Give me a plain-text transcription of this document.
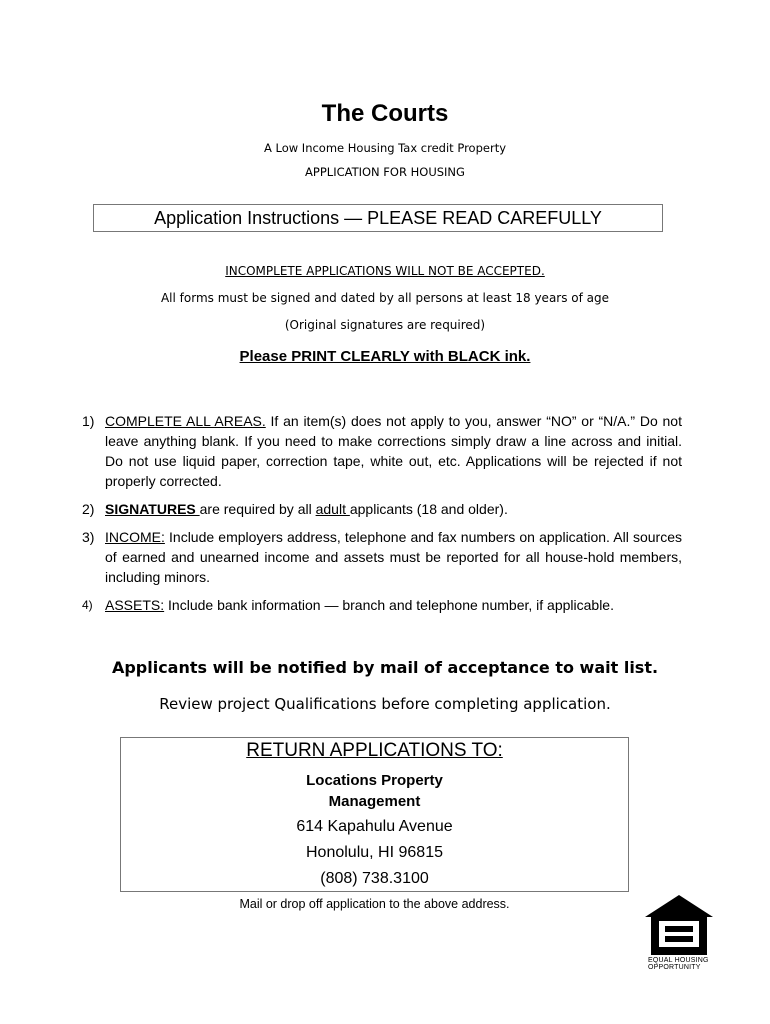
The Courts
A Low Income Housing Tax credit Property
APPLICATION FOR HOUSING
Application Instructions — PLEASE READ CAREFULLY
INCOMPLETE APPLICATIONS WILL NOT BE ACCEPTED.
All forms must be signed and dated by all persons at least 18 years of age
(Original signatures are required)
Please PRINT CLEARLY with BLACK ink.
1) COMPLETE ALL AREAS. If an item(s) does not apply to you, answer “NO” or “N/A.” Do not leave anything blank. If you need to make corrections simply draw a line across and initial. Do not use liquid paper, correction tape, white out, etc. Applications will be rejected if not properly corrected.
2) SIGNATURES are required by all adult applicants (18 and older).
3) INCOME: Include employers address, telephone and fax numbers on application. All sources of earned and unearned income and assets must be reported for all house-hold members, including minors.
4) ASSETS: Include bank information — branch and telephone number, if applicable.
Applicants will be notified by mail of acceptance to wait list.
Review project Qualifications before completing application.
RETURN APPLICATIONS TO:
Locations Property
Management
614 Kapahulu Avenue
Honolulu, HI 96815
(808) 738.3100
Mail or drop off application to the above address.
EQUAL HOUSING
OPPORTUNITY
